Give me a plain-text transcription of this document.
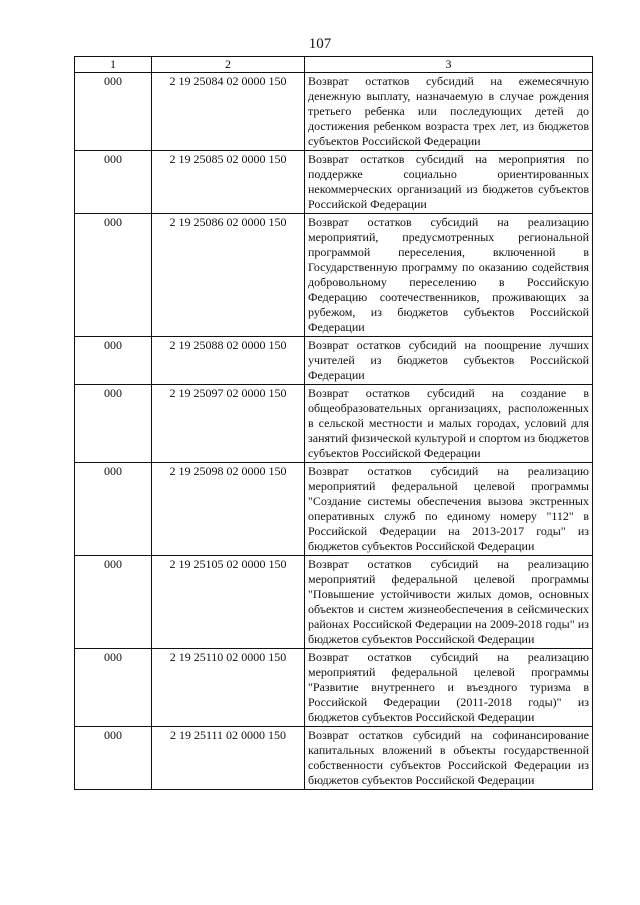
107
1	2	3
000	2 19 25084 02 0000 150	Возврат остатков субсидий на ежемесячную денежную выплату, назначаемую в случае рождения третьего ребенка или последующих детей до достижения ребенком возраста трех лет, из бюджетов субъектов Российской Федерации
000	2 19 25085 02 0000 150	Возврат остатков субсидий на мероприятия по поддержке социально ориентированных некоммерческих организаций из бюджетов субъектов Российской Федерации
000	2 19 25086 02 0000 150	Возврат остатков субсидий на реализацию мероприятий, предусмотренных региональной программой переселения, включенной в Государственную программу по оказанию содействия добровольному переселению в Российскую Федерацию соотечественников, проживающих за рубежом, из бюджетов субъектов Российской Федерации
000	2 19 25088 02 0000 150	Возврат остатков субсидий на поощрение лучших учителей из бюджетов субъектов Российской Федерации
000	2 19 25097 02 0000 150	Возврат остатков субсидий на создание в общеобразовательных организациях, расположенных в сельской местности и малых городах, условий для занятий физической культурой и спортом из бюджетов субъектов Российской Федерации
000	2 19 25098 02 0000 150	Возврат остатков субсидий на реализацию мероприятий федеральной целевой программы "Создание системы обеспечения вызова экстренных оперативных служб по единому номеру "112" в Российской Федерации на 2013-2017 годы" из бюджетов субъектов Российской Федерации
000	2 19 25105 02 0000 150	Возврат остатков субсидий на реализацию мероприятий федеральной целевой программы "Повышение устойчивости жилых домов, основных объектов и систем жизнеобеспечения в сейсмических районах Российской Федерации на 2009-2018 годы" из бюджетов субъектов Российской Федерации
000	2 19 25110 02 0000 150	Возврат остатков субсидий на реализацию мероприятий федеральной целевой программы "Развитие внутреннего и въездного туризма в Российской Федерации (2011-2018 годы)" из бюджетов субъектов Российской Федерации
000	2 19 25111 02 0000 150	Возврат остатков субсидий на софинансирование капитальных вложений в объекты государственной собственности субъектов Российской Федерации из бюджетов субъектов Российской Федерации
